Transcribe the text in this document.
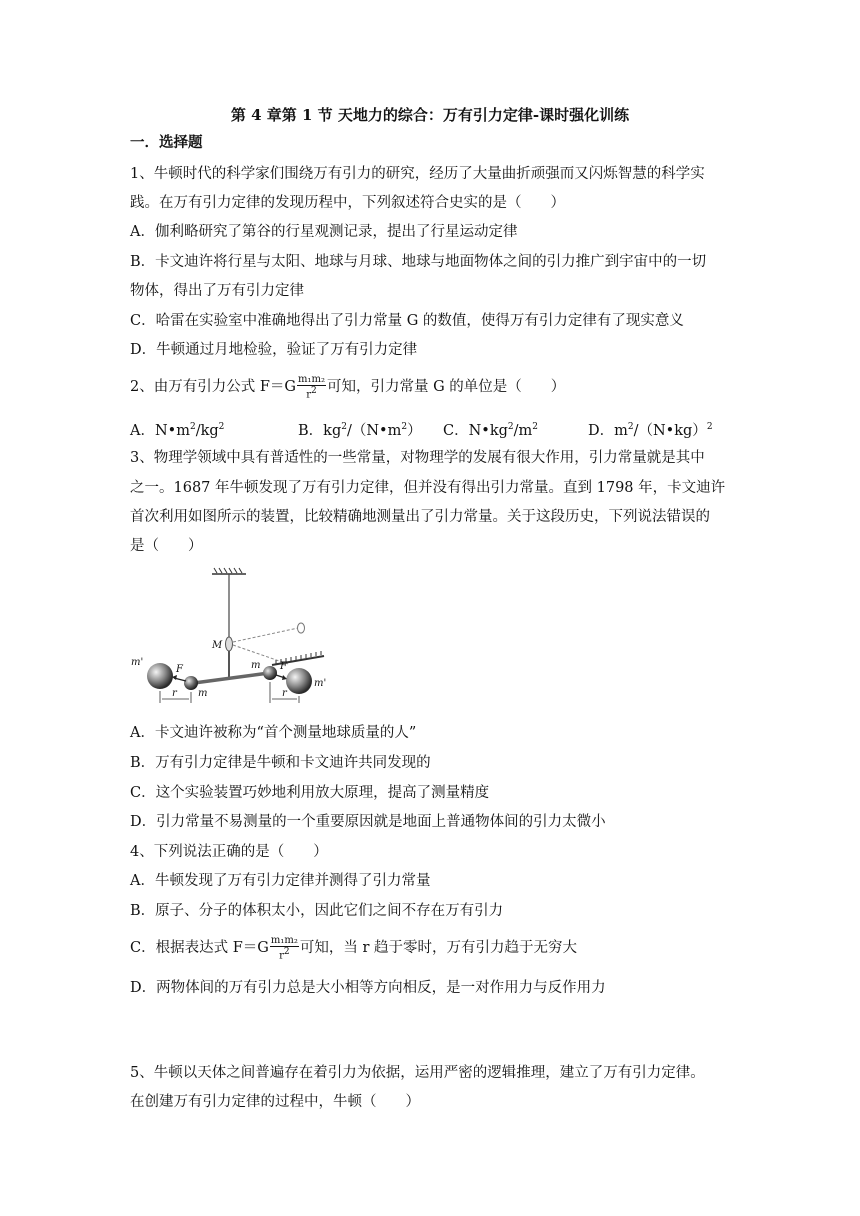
第 4 章第 1 节 天地力的综合：万有引力定律-课时强化训练
一．选择题
1、牛顿时代的科学家们围绕万有引力的研究，经历了大量曲折顽强而又闪烁智慧的科学实
践。在万有引力定律的发现历程中，下列叙述符合史实的是（　　）
A．伽利略研究了第谷的行星观测记录，提出了行星运动定律
B．卡文迪许将行星与太阳、地球与月球、地球与地面物体之间的引力推广到宇宙中的一切
物体，得出了万有引力定律
C．哈雷在实验室中准确地得出了引力常量 G 的数值，使得万有引力定律有了现实意义
D．牛顿通过月地检验，验证了万有引力定律
2、由万有引力公式 $F=G \frac{\text{m₁m₂}}{r^2}$ 可知，引力常量 G 的单位是（　　）
A．$N•m^2/kg^2$	B．$kg^2/(N•m^2)$ C．$N•kg^2/m^2$	D．$m^2/(N•kg)^2$
3、物理学领域中具有普适性的一些常量，对物理学的发展有很大作用，引力常量就是其中
之一。1687 年牛顿发现了万有引力定律，但并没有得出引力常量。直到 1798 年，卡文迪许
首次利用如图所示的装置，比较精确地测量出了引力常量。关于这段历史，下列说法错误的
是（　　）
M
m'
F
m
r
m F
r
m'
A．卡文迪许被称为“首个测量地球质量的人”
B．万有引力定律是牛顿和卡文迪许共同发现的
C．这个实验装置巧妙地利用放大原理，提高了测量精度
D．引力常量不易测量的一个重要原因就是地面上普通物体间的引力太微小
4、下列说法正确的是（　　）
A．牛顿发现了万有引力定律并测得了引力常量
B．原子、分子的体积太小，因此它们之间不存在万有引力
C．根据表达式 $F=G \frac{\text{m₁m₂}}{r^2}$ 可知，当 r 趋于零时，万有引力趋于无穷大
D．两物体间的万有引力总是大小相等方向相反，是一对作用力与反作用力
5、牛顿以天体之间普遍存在着引力为依据，运用严密的逻辑推理，建立了万有引力定律。
在创建万有引力定律的过程中，牛顿（　　）
